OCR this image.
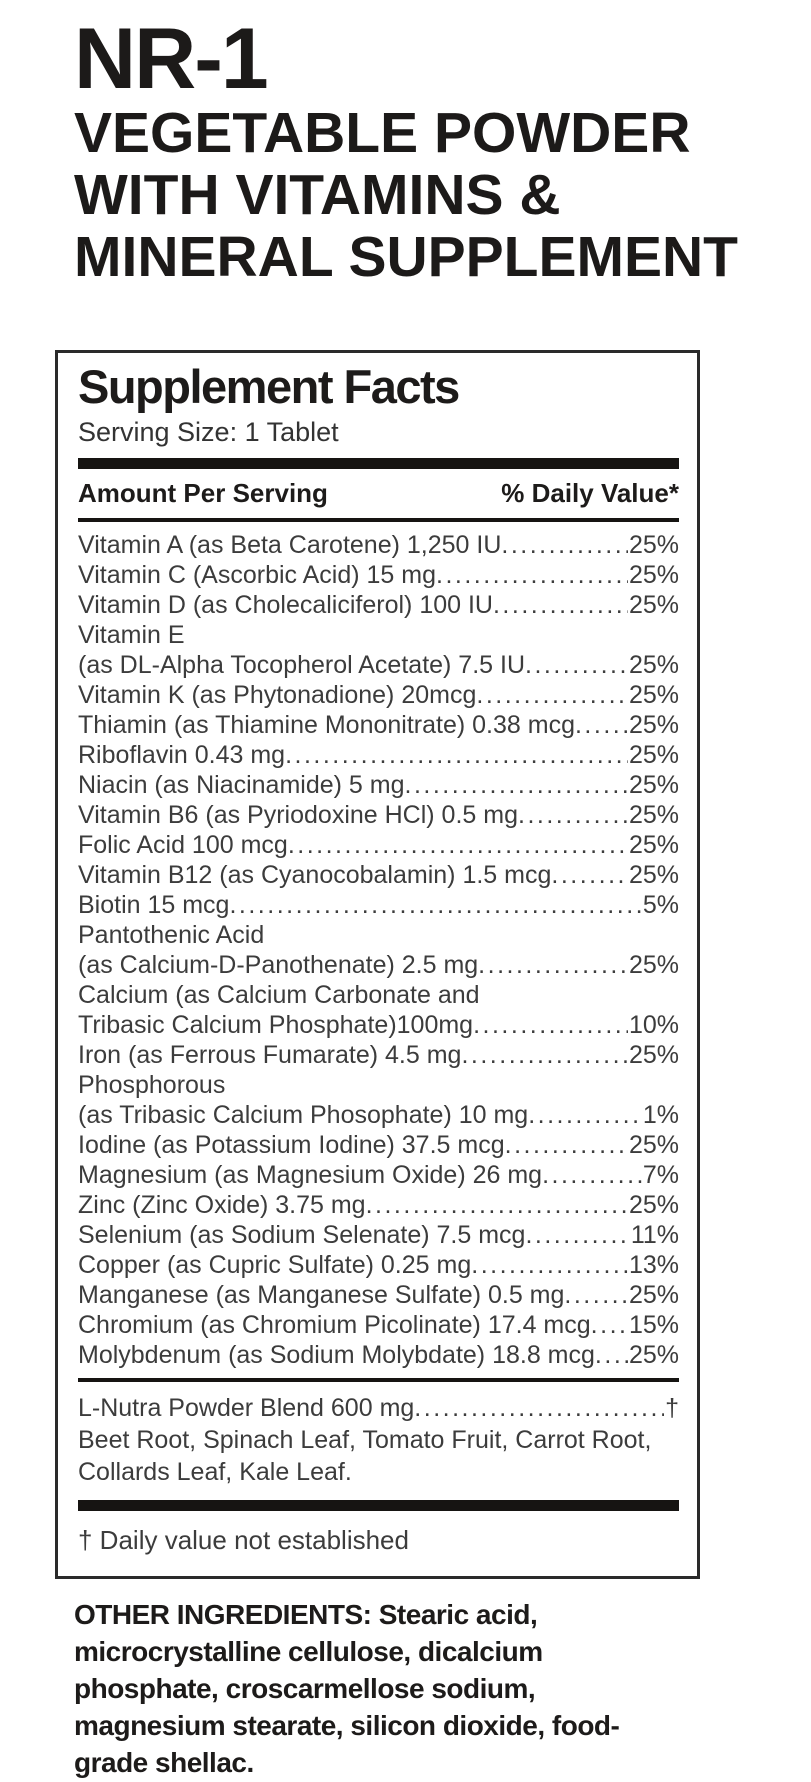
NR-1
VEGETABLE POWDER
WITH VITAMINS &
MINERAL SUPPLEMENT
Supplement Facts
Serving Size: 1 Tablet
Amount Per Serving	% Daily Value*
Vitamin A (as Beta Carotene) 1,250 IU .....	25%
Vitamin C (Ascorbic Acid) 15 mg .....	25%
Vitamin D (as Cholecaliciferol) 100 IU .....	25%
Vitamin E
(as DL-Alpha Tocopherol Acetate) 7.5 IU .....	25%
Vitamin K (as Phytonadione) 20mcg .....	25%
Thiamin (as Thiamine Mononitrate) 0.38 mcg ..... 25%
Riboflavin 0.43 mg .....	25%
Niacin (as Niacinamide) 5 mg .....	25%
Vitamin B6 (as Pyriodoxine HCl) 0.5 mg .....	25%
Folic Acid 100 mcg .....	25%
Vitamin B12 (as Cyanocobalamin) 1.5 mcg .....	25%
Biotin 15 mcg .....	5%
Pantothenic Acid
(as Calcium-D-Panothenate) 2.5 mg .....	25%
Calcium (as Calcium Carbonate and
Tribasic Calcium Phosphate)100mg .....	10%
Iron (as Ferrous Fumarate) 4.5 mg .....	25%
Phosphorous
(as Tribasic Calcium Phosophate) 10 mg .....	1%
Iodine (as Potassium Iodine) 37.5 mcg .....	25%
Magnesium (as Magnesium Oxide) 26 mg .....	7%
Zinc (Zinc Oxide) 3.75 mg .....	25%
Selenium (as Sodium Selenate) 7.5 mcg .....	11%
Copper (as Cupric Sulfate) 0.25 mg .....	13%
Manganese (as Manganese Sulfate) 0.5 mg .....	25%
Chromium (as Chromium Picolinate) 17.4 mcg ..... 15%
Molybdenum (as Sodium Molybdate) 18.8 mcg ..... 25%
L-Nutra Powder Blend 600 mg .....	†
Beet Root, Spinach Leaf, Tomato Fruit, Carrot Root,
Collards Leaf, Kale Leaf.
† Daily value not established

OTHER INGREDIENTS: Stearic acid, microcrystalline cellulose, dicalcium phosphate, croscarmellose sodium, magnesium stearate, silicon dioxide, food-grade shellac.
